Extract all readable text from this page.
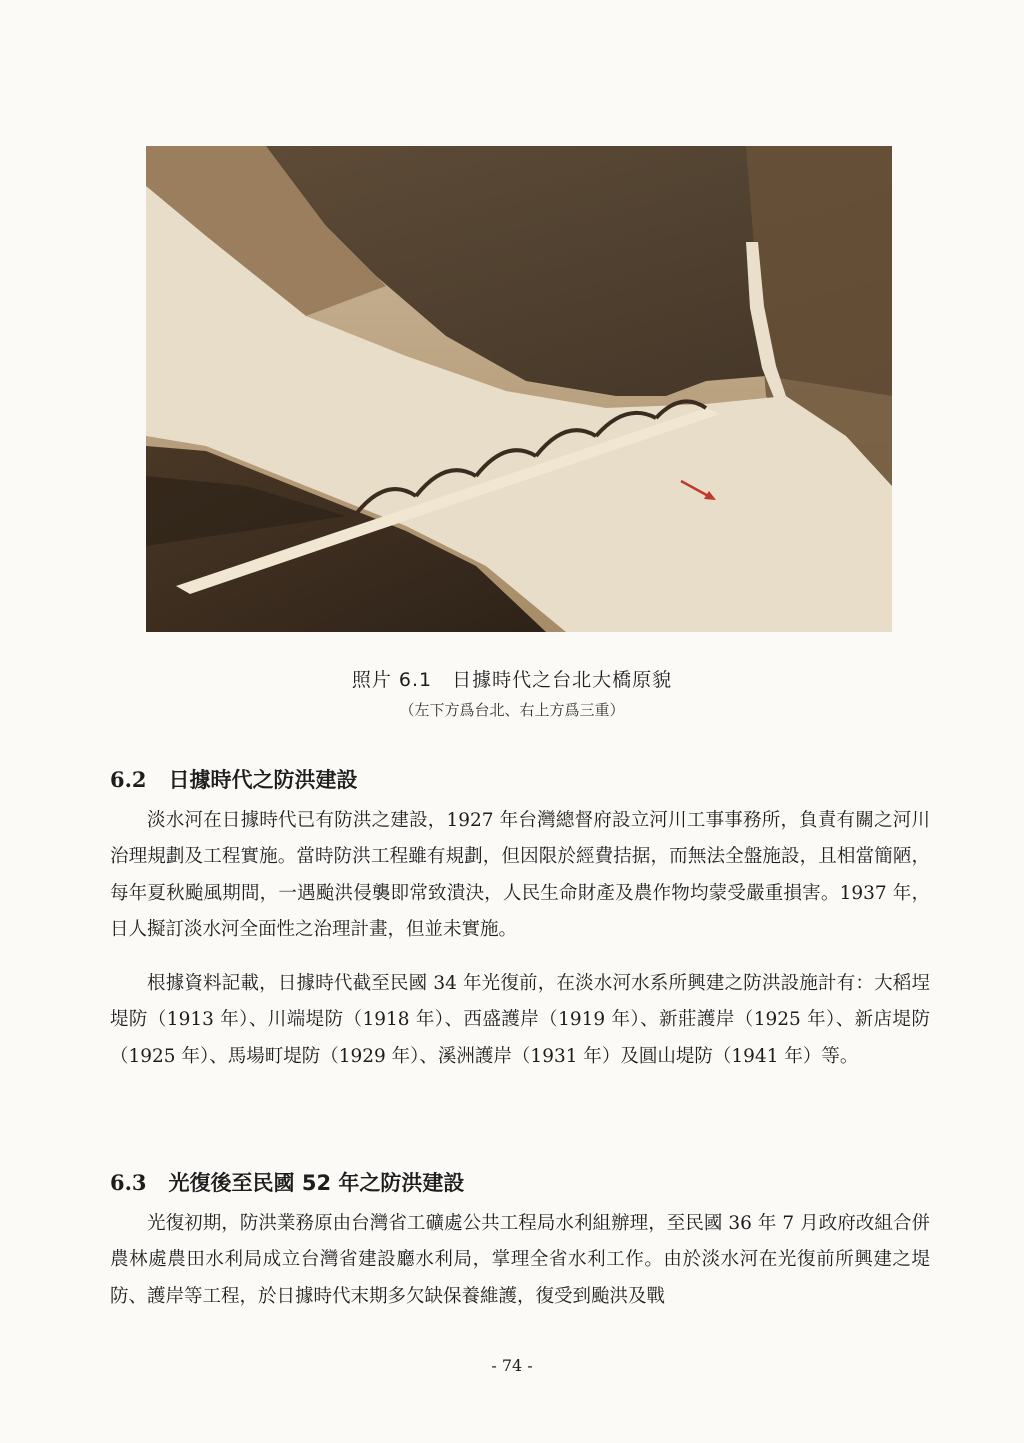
照片 6.1　日據時代之台北大橋原貌
（左下方爲台北、右上方爲三重）
6.2 日據時代之防洪建設

淡水河在日據時代已有防洪之建設，1927 年台灣總督府設立河川工事事務所，負責有關之河川治理規劃及工程實施。當時防洪工程雖有規劃，但因限於經費拮据，而無法全盤施設，且相當簡陋，每年夏秋颱風期間，一遇颱洪侵襲即常致潰決，人民生命財產及農作物均蒙受嚴重損害。1937 年，日人擬訂淡水河全面性之治理計畫，但並未實施。

根據資料記載，日據時代截至民國 34 年光復前，在淡水河水系所興建之防洪設施計有：大稻埕堤防（1913 年）、川端堤防（1918 年）、西盛護岸（1919 年）、新莊護岸（1925 年）、新店堤防（1925 年）、馬場町堤防（1929 年）、溪洲護岸（1931 年）及圓山堤防（1941 年）等。

6.3 光復後至民國 52 年之防洪建設

光復初期，防洪業務原由台灣省工礦處公共工程局水利組辦理，至民國 36 年 7 月政府改組合併農林處農田水利局成立台灣省建設廳水利局，掌理全省水利工作。由於淡水河在光復前所興建之堤防、護岸等工程，於日據時代末期多欠缺保養維護，復受到颱洪及戰

- 74 -
